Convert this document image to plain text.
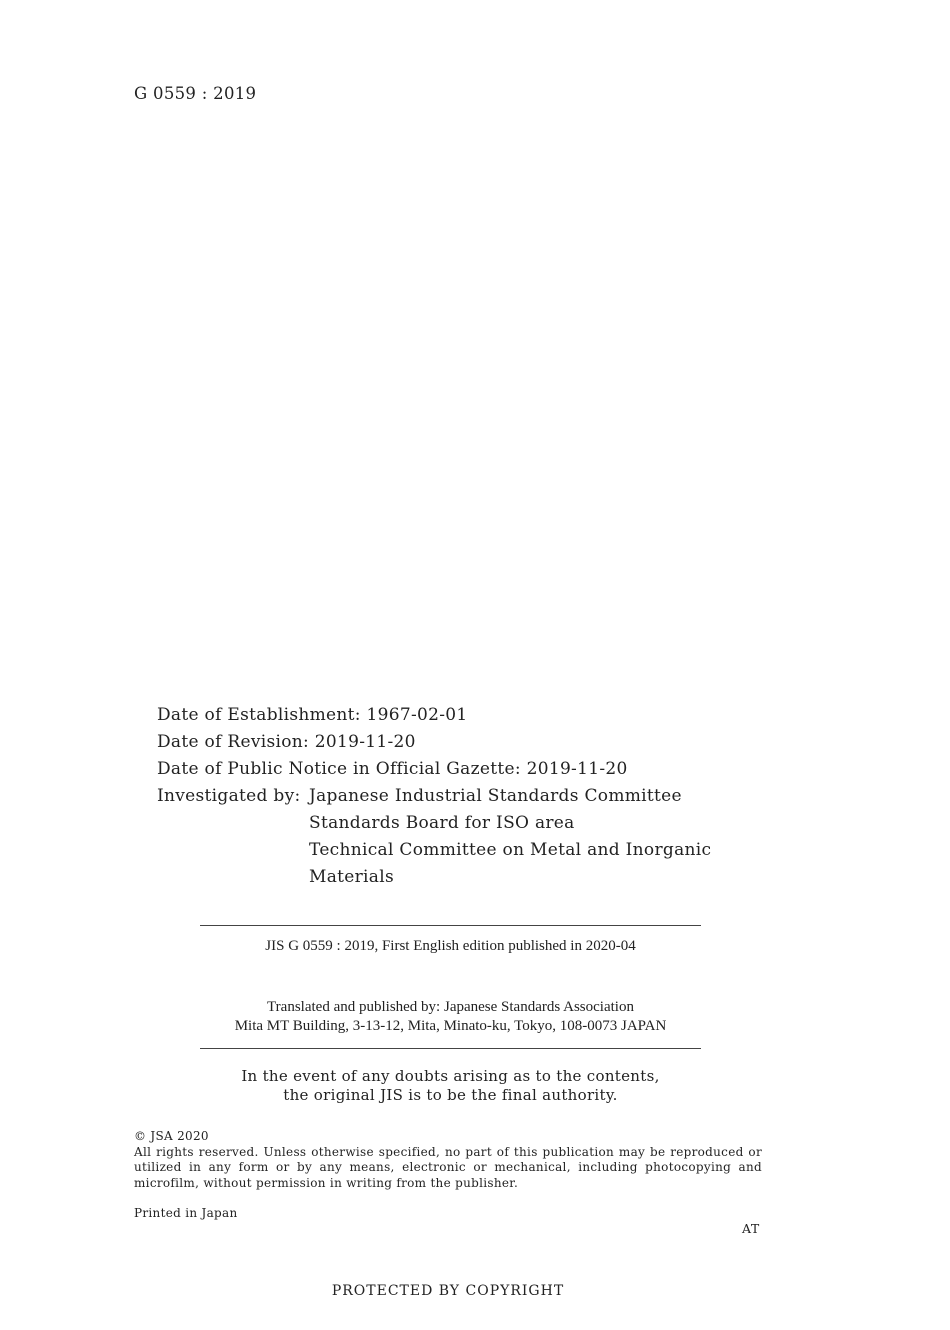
G 0559 : 2019
Date of Establishment: 1967-02-01
Date of Revision: 2019-11-20
Date of Public Notice in Official Gazette: 2019-11-20
Investigated by: Japanese Industrial Standards Committee
Standards Board for ISO area
Technical Committee on Metal and Inorganic
Materials
JIS G 0559 : 2019, First English edition published in 2020-04
Translated and published by: Japanese Standards Association
Mita MT Building, 3-13-12, Mita, Minato-ku, Tokyo, 108-0073 JAPAN
In the event of any doubts arising as to the contents,
the original JIS is to be the final authority.
© JSA 2020
All rights reserved. Unless otherwise specified, no part of this publication may be reproduced or utilized in any form or by any means, electronic or mechanical, including photocopying and microfilm, without permission in writing from the publisher.
Printed in Japan
AT
PROTECTED BY COPYRIGHT
